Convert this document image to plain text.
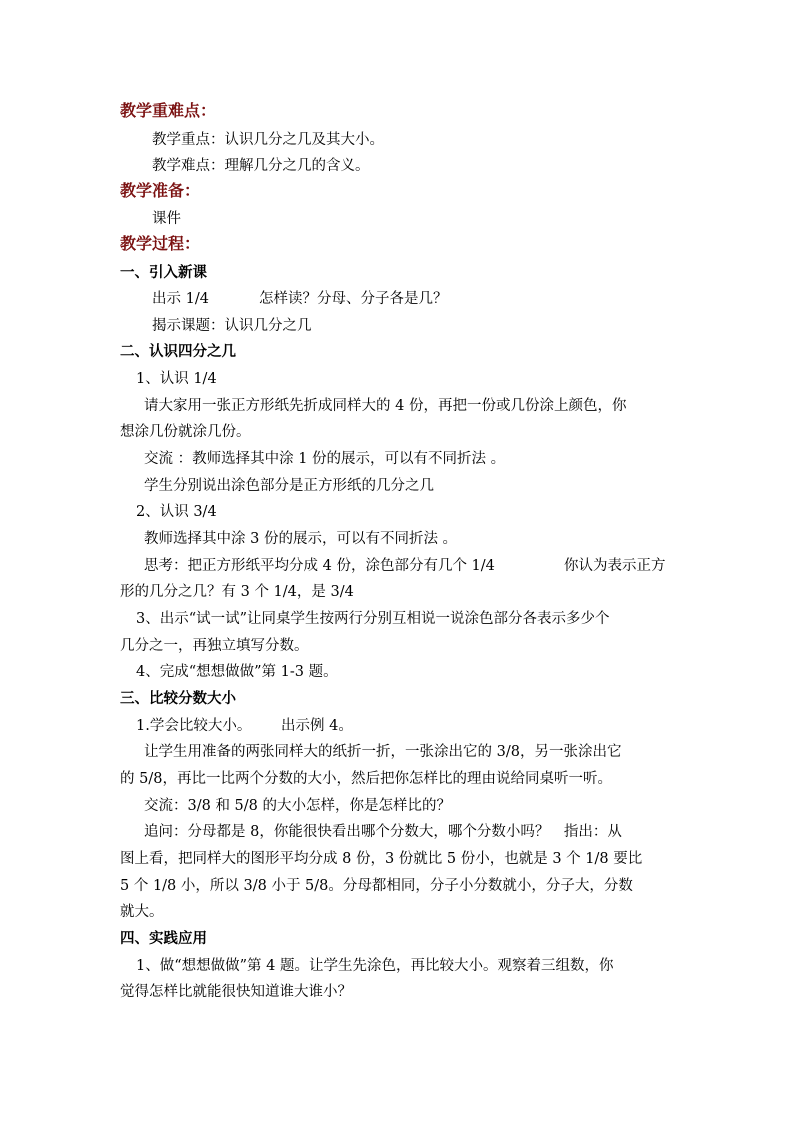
教学重难点：
教学重点：认识几分之几及其大小。
教学难点：理解几分之几的含义。
教学准备：
课件
教学过程：
一、引入新课
出示 1/4	怎样读？分母、分子各是几？
揭示课题：认识几分之几
二、认识四分之几
1、认识 1/4
请大家用一张正方形纸先折成同样大的 4 份，再把一份或几份涂上颜色，你
想涂几份就涂几份。
交流 ：教师选择其中涂 1 份的展示，可以有不同折法 。
学生分别说出涂色部分是正方形纸的几分之几
2、认识 3/4
教师选择其中涂 3 份的展示，可以有不同折法 。
思考：把正方形纸平均分成 4 份，涂色部分有几个 1/4	你认为表示正方
形的几分之几？有 3 个 1/4，是 3/4
3、出示“试一试”让同桌学生按两行分别互相说一说涂色部分各表示多少个
几分之一，再独立填写分数。
4、完成“想想做做”第 1-3 题。
三、比较分数大小
1.学会比较大小。 出示例 4。
让学生用准备的两张同样大的纸折一折，一张涂出它的 3/8，另一张涂出它
的 5/8，再比一比两个分数的大小，然后把你怎样比的理由说给同桌听一听。
交流：3/8 和 5/8 的大小怎样，你是怎样比的？
追问：分母都是 8，你能很快看出哪个分数大，哪个分数小吗？　指出：从
图上看，把同样大的图形平均分成 8 份，3 份就比 5 份小，也就是 3 个 1/8 要比
5 个 1/8 小，所以 3/8 小于 5/8。分母都相同，分子小分数就小，分子大，分数
就大。
四、实践应用
1、做“想想做做”第 4 题。让学生先涂色，再比较大小。观察着三组数，你
觉得怎样比就能很快知道谁大谁小？
